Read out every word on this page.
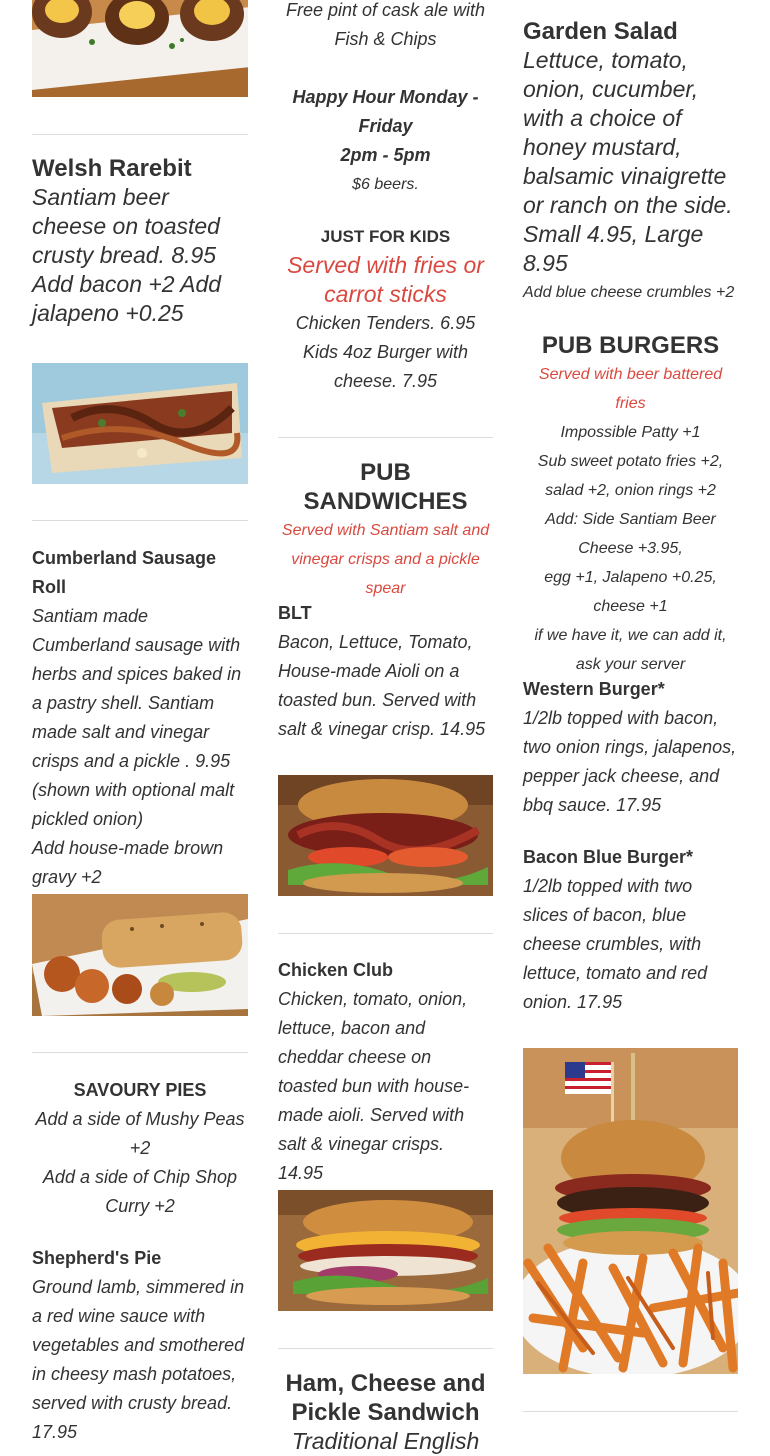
Welsh Rarebit

Santiam beer cheese on toasted crusty bread. 8.95

Add bacon +2 Add jalapeno +0.25

Cumberland Sausage Roll

Santiam made Cumberland sausage with herbs and spices baked in a pastry shell. Santiam made salt and vinegar crisps and a pickle . 9.95 (shown with optional malt pickled onion)

Add house-made brown gravy +2

SAVOURY PIES

Add a side of Mushy Peas +2

Add a side of Chip Shop Curry +2

Shepherd's Pie

Ground lamb, simmered in a red wine sauce with vegetables and smothered in cheesy mash potatoes, served with crusty bread. 17.95

Free pint of cask ale with Fish & Chips

Happy Hour Monday - Friday

2pm - 5pm

$6 beers.

JUST FOR KIDS

Served with fries or carrot sticks

Chicken Tenders. 6.95

Kids 4oz Burger with cheese. 7.95

PUB SANDWICHES

Served with Santiam salt and vinegar crisps and a pickle spear

BLT

Bacon, Lettuce, Tomato, House-made Aioli on a toasted bun. Served with salt & vinegar crisp. 14.95

Chicken Club

Chicken, tomato, onion, lettuce, bacon and cheddar cheese on toasted bun with house-made aioli. Served with salt & vinegar crisps. 14.95

Ham, Cheese and Pickle Sandwich

Traditional English

Garden Salad

Lettuce, tomato, onion, cucumber, with a choice of honey mustard, balsamic vinaigrette or ranch on the side. Small 4.95, Large 8.95

Add blue cheese crumbles +2

PUB BURGERS

Served with beer battered fries

Impossible Patty +1

Sub sweet potato fries +2, salad +2, onion rings +2

Add: Side Santiam Beer Cheese +3.95,

egg +1, Jalapeno +0.25, cheese +1

if we have it, we can add it, ask your server

Western Burger*

1/2lb topped with bacon, two onion rings, jalapenos, pepper jack cheese, and bbq sauce. 17.95

Bacon Blue Burger*

1/2lb topped with two slices of bacon, blue cheese crumbles, with lettuce, tomato and red onion. 17.95
